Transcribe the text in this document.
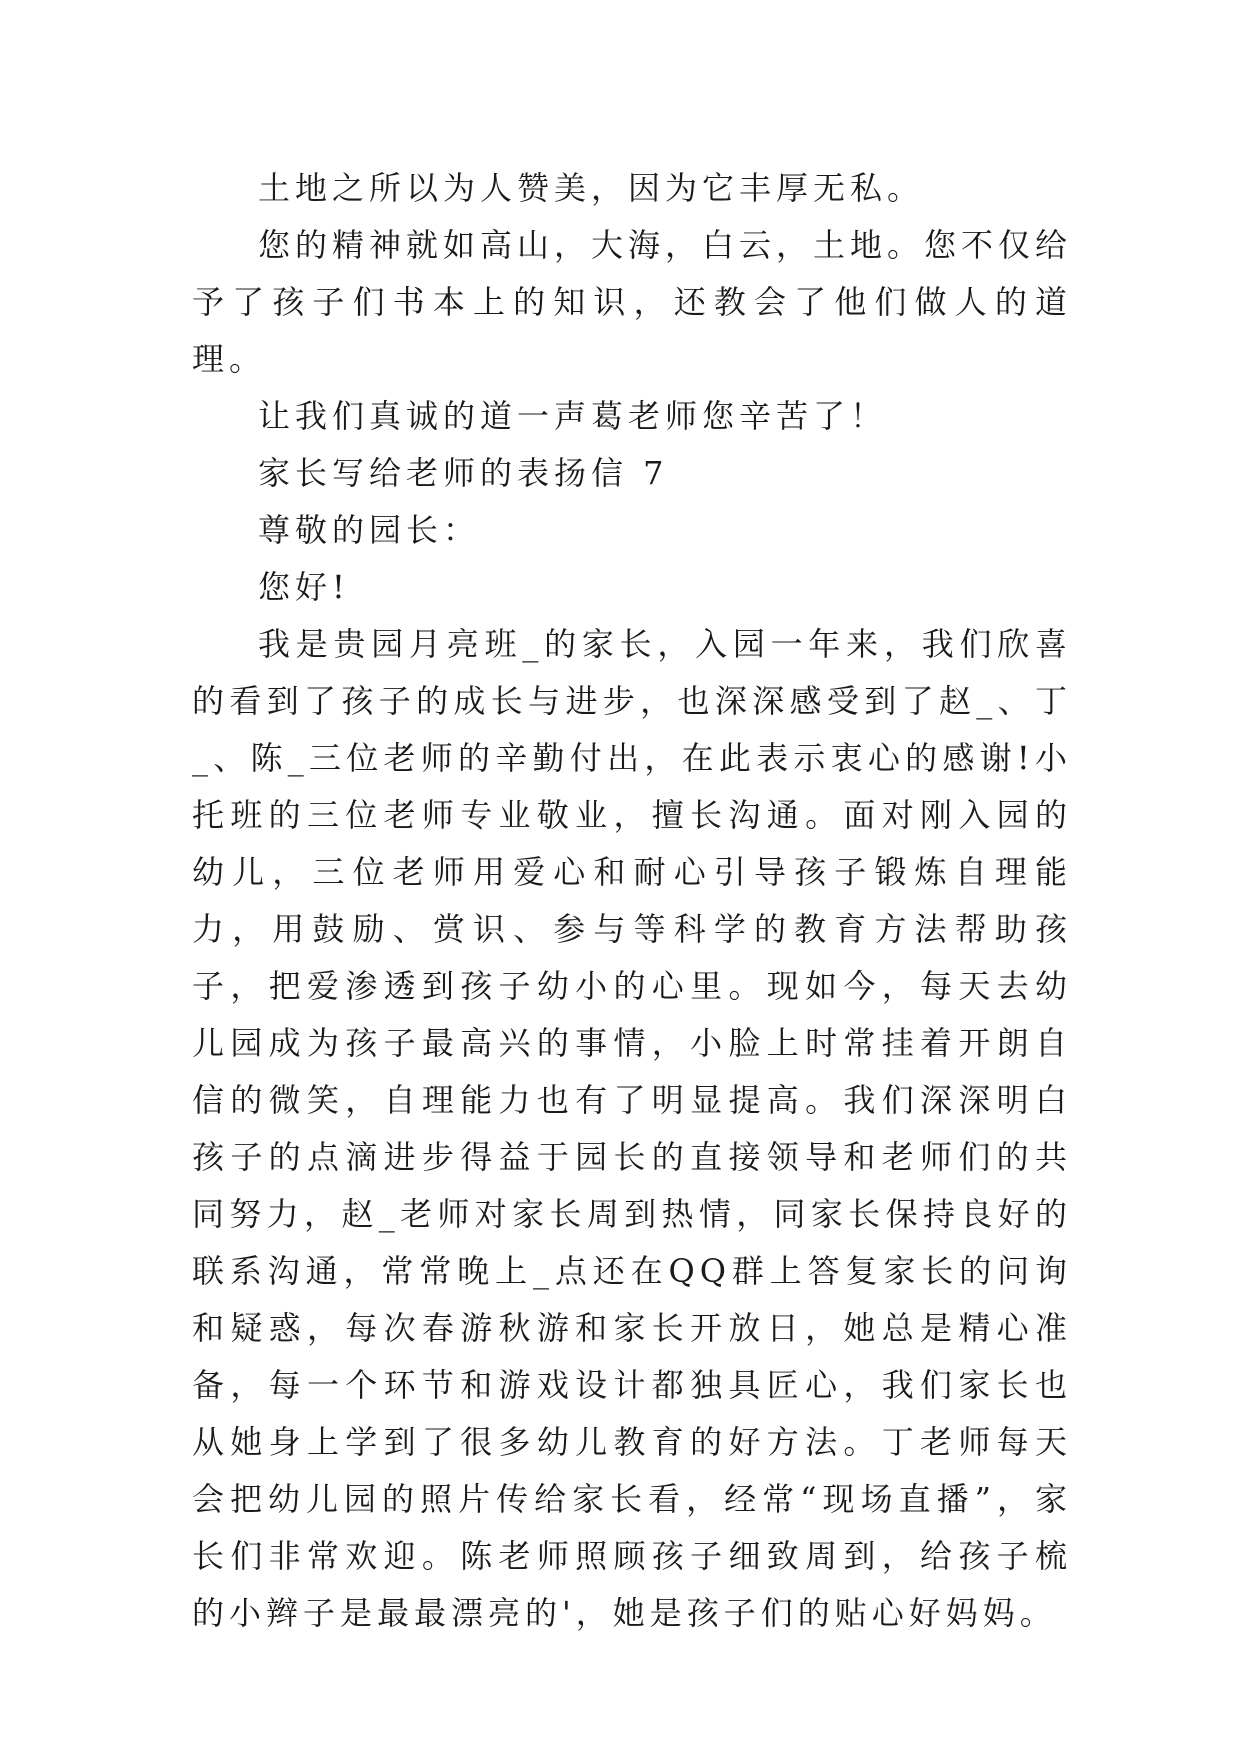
土地之所以为人赞美，因为它丰厚无私。

您的精神就如高山，大海，白云，土地。您不仅给予了孩子们书本上的知识，还教会了他们做人的道理。

让我们真诚的道一声葛老师您辛苦了！

家长写给老师的表扬信 7

尊敬的园长：

您好!

我是贵园月亮班_的家长，入园一年来，我们欣喜的看到了孩子的成长与进步，也深深感受到了赵_、丁_、陈_三位老师的辛勤付出，在此表示衷心的感谢!小托班的三位老师专业敬业，擅长沟通。面对刚入园的幼儿，三位老师用爱心和耐心引导孩子锻炼自理能力，用鼓励、赏识、参与等科学的教育方法帮助孩子，把爱渗透到孩子幼小的心里。现如今，每天去幼儿园成为孩子最高兴的事情，小脸上时常挂着开朗自信的微笑，自理能力也有了明显提高。我们深深明白孩子的点滴进步得益于园长的直接领导和老师们的共同努力，赵_老师对家长周到热情，同家长保持良好的联系沟通，常常晚上_点还在QQ群上答复家长的问询和疑惑，每次春游秋游和家长开放日，她总是精心准备，每一个环节和游戏设计都独具匠心，我们家长也从她身上学到了很多幼儿教育的好方法。丁老师每天会把幼儿园的照片传给家长看，经常“现场直播”，家长们非常欢迎。陈老师照顾孩子细致周到，给孩子梳的小辫子是最最漂亮的'，她是孩子们的贴心好妈妈。
